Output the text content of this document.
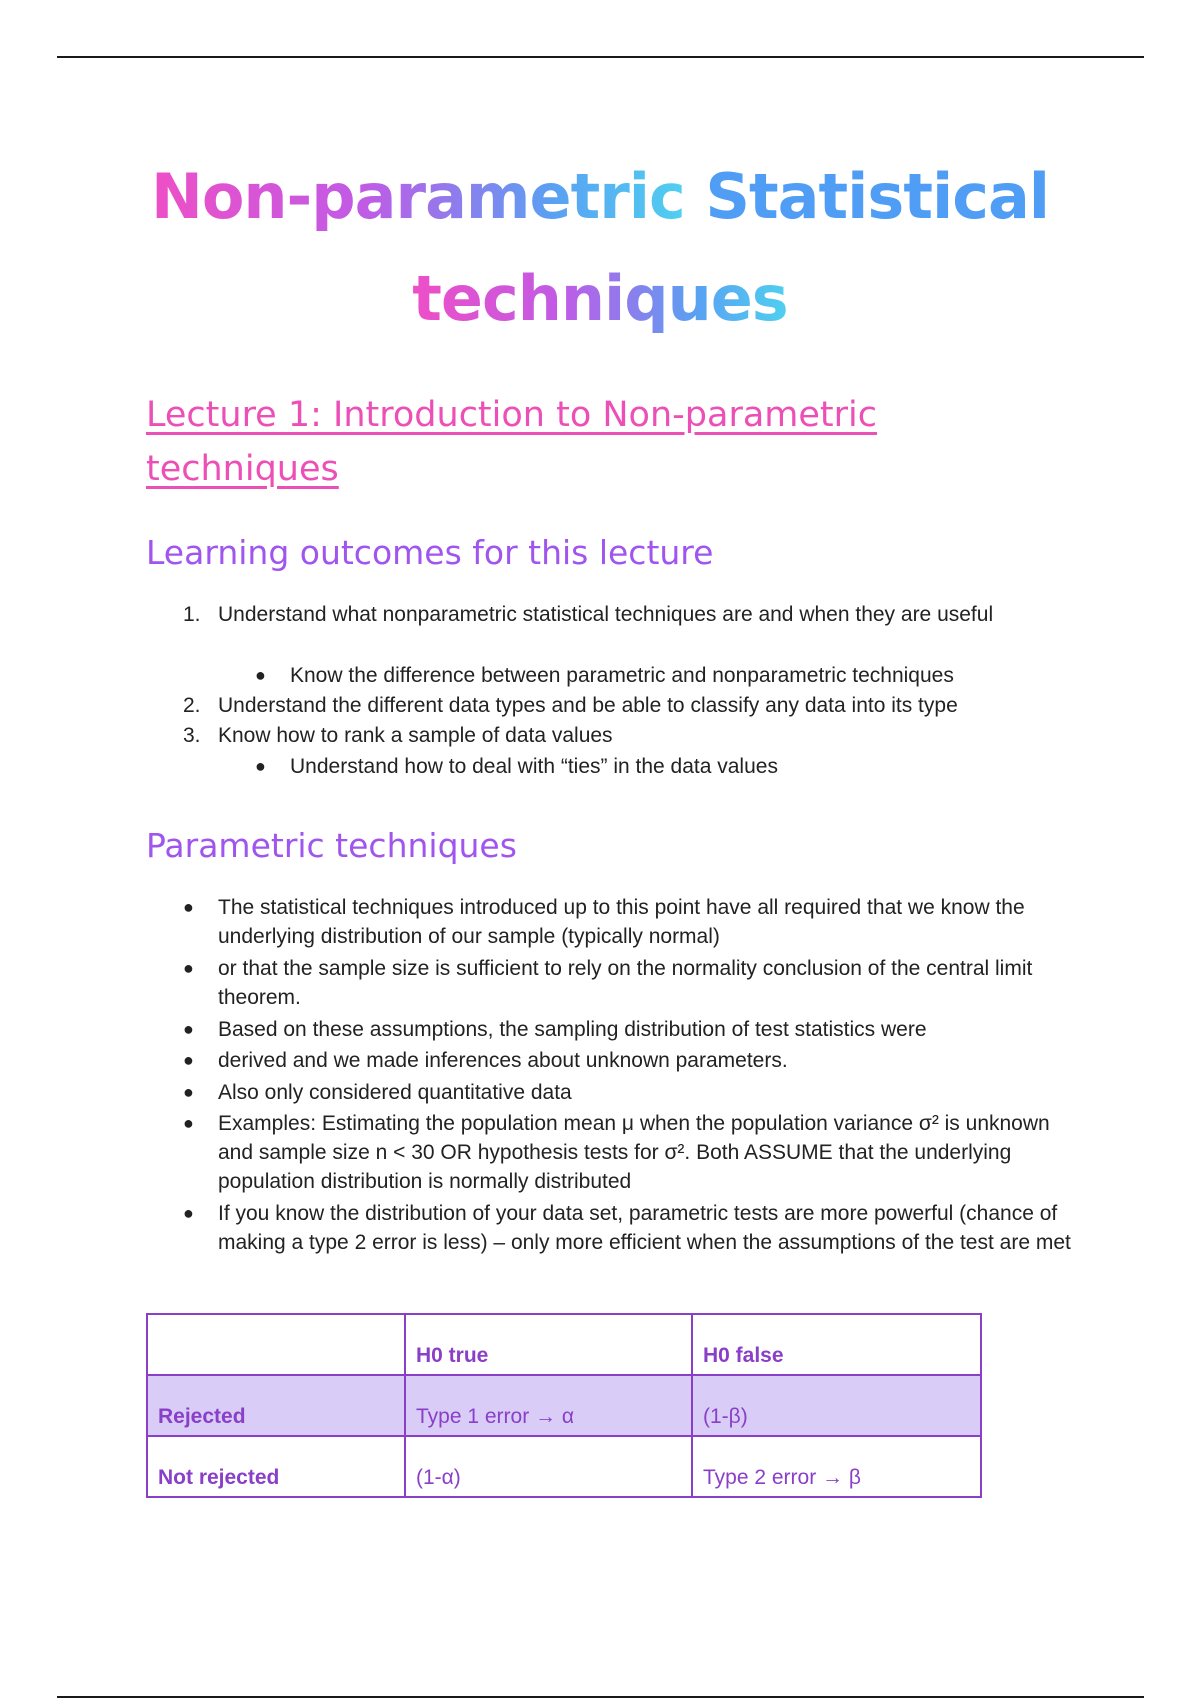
Non-parametric Statistical
techniques
Lecture 1: Introduction to Non-parametric techniques
Learning outcomes for this lecture
1. Understand what nonparametric statistical techniques are and when they are useful
● Know the difference between parametric and nonparametric techniques
2. Understand the different data types and be able to classify any data into its type
3. Know how to rank a sample of data values
● Understand how to deal with “ties” in the data values
Parametric techniques
● The statistical techniques introduced up to this point have all required that we know the underlying distribution of our sample (typically normal)
● or that the sample size is sufficient to rely on the normality conclusion of the central limit theorem.
● Based on these assumptions, the sampling distribution of test statistics were
● derived and we made inferences about unknown parameters.
● Also only considered quantitative data
● Examples: Estimating the population mean μ when the population variance σ² is unknown and sample size n < 30 OR hypothesis tests for σ². Both ASSUME that the underlying population distribution is normally distributed
● If you know the distribution of your data set, parametric tests are more powerful (chance of making a type 2 error is less) – only more efficient when the assumptions of the test are met
	H0 true	H0 false
Rejected	Type 1 error → α	(1-β)
Not rejected	(1-α)	Type 2 error → β
